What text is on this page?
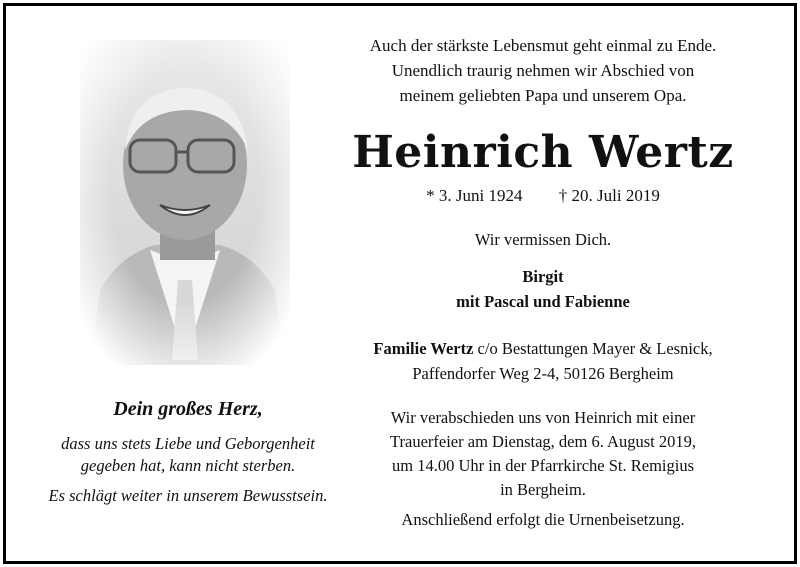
Dein großes Herz,

dass uns stets Liebe und Geborgenheit

gegeben hat, kann nicht sterben.

Es schlägt weiter in unserem Bewusstsein.

Auch der stärkste Lebensmut geht einmal zu Ende.

Unendlich traurig nehmen wir Abschied von

meinem geliebten Papa und unserem Opa.

Heinrich Wertz

* 3. Juni 1924 † 20. Juli 2019

Wir vermissen Dich.

Birgit
mit Pascal und Fabienne

Familie Wertz c/o Bestattungen Mayer & Lesnick,
Paffendorfer Weg 2-4, 50126 Bergheim

Wir verabschieden uns von Heinrich mit einer
Trauerfeier am Dienstag, dem 6. August 2019,
um 14.00 Uhr in der Pfarrkirche St. Remigius
in Bergheim.

Anschließend erfolgt die Urnenbeisetzung.
